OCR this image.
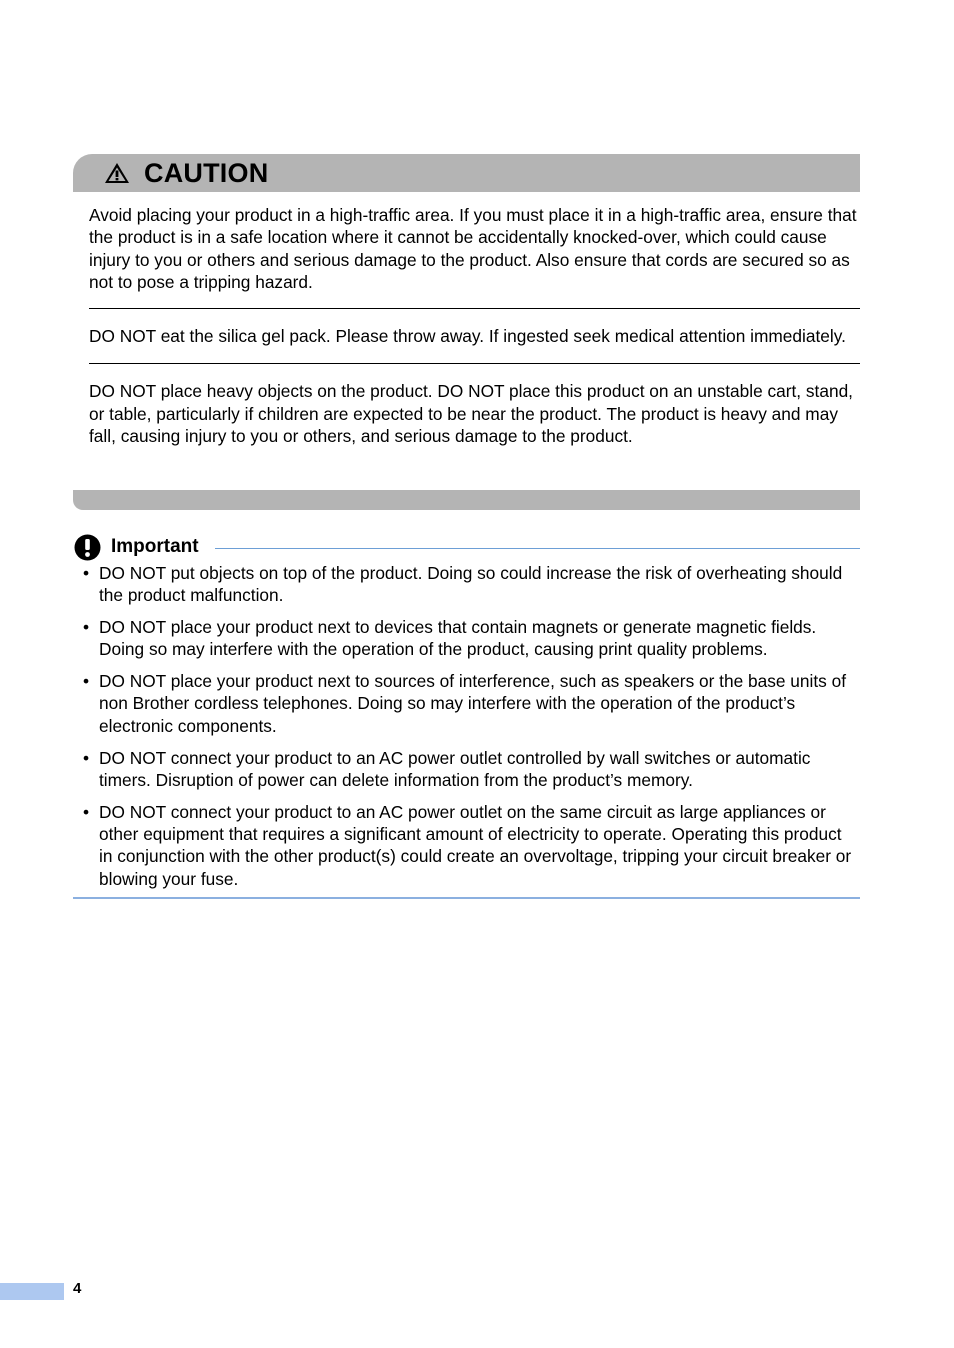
CAUTION

Avoid placing your product in a high-traffic area. If you must place it in a high-traffic area, ensure that the product is in a safe location where it cannot be accidentally knocked-over, which could cause injury to you or others and serious damage to the product. Also ensure that cords are secured so as not to pose a tripping hazard.

DO NOT eat the silica gel pack. Please throw away. If ingested seek medical attention immediately.

DO NOT place heavy objects on the product. DO NOT place this product on an unstable cart, stand, or table, particularly if children are expected to be near the product. The product is heavy and may fall, causing injury to you or others, and serious damage to the product.

Important
• DO NOT put objects on top of the product. Doing so could increase the risk of overheating should the product malfunction.
• DO NOT place your product next to devices that contain magnets or generate magnetic fields. Doing so may interfere with the operation of the product, causing print quality problems.
• DO NOT place your product next to sources of interference, such as speakers or the base units of non Brother cordless telephones. Doing so may interfere with the operation of the product’s electronic components.
• DO NOT connect your product to an AC power outlet controlled by wall switches or automatic timers. Disruption of power can delete information from the product’s memory.
• DO NOT connect your product to an AC power outlet on the same circuit as large appliances or other equipment that requires a significant amount of electricity to operate. Operating this product in conjunction with the other product(s) could create an overvoltage, tripping your circuit breaker or blowing your fuse.
4
